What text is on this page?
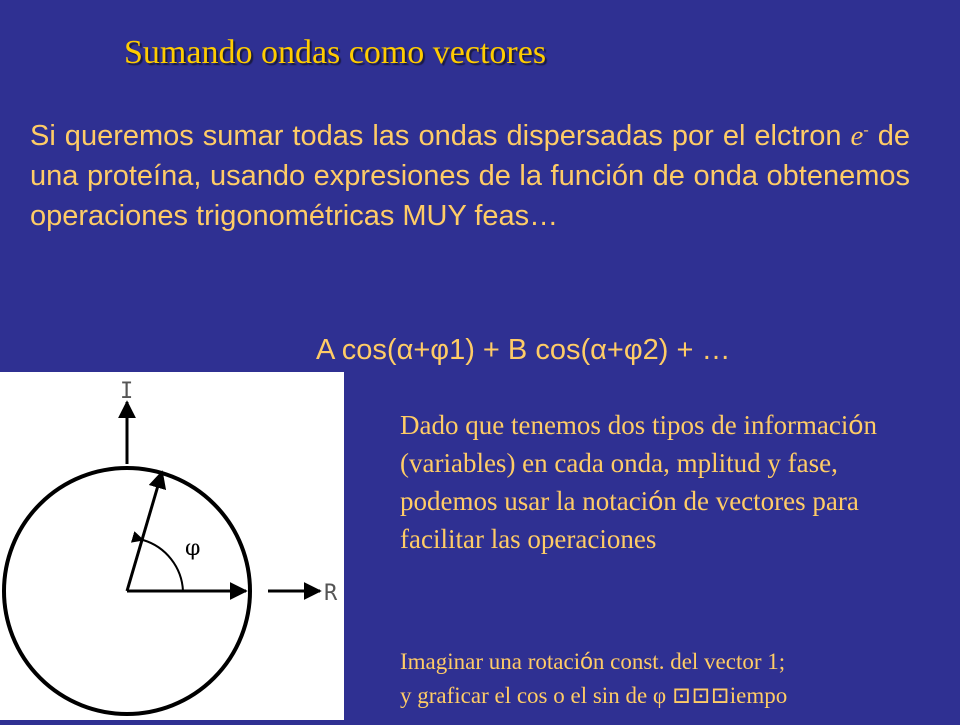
Sumando ondas como vectores
Si queremos sumar todas las ondas dispersadas por el elctron e- de una proteína, usando expresiones de la función de onda obtenemos operaciones trigonométricas MUY feas…
A cos(α+φ1) + B cos(α+φ2) + …
I
R
φ
Dado que tenemos dos tipos de información (variables) en cada onda, mplitud y fase, podemos usar la notación de vectores para facilitar las operaciones
Imaginar una rotación const. del vector 1;
y graficar el cos o el sin de φ ⊡⊡⊡iempo
